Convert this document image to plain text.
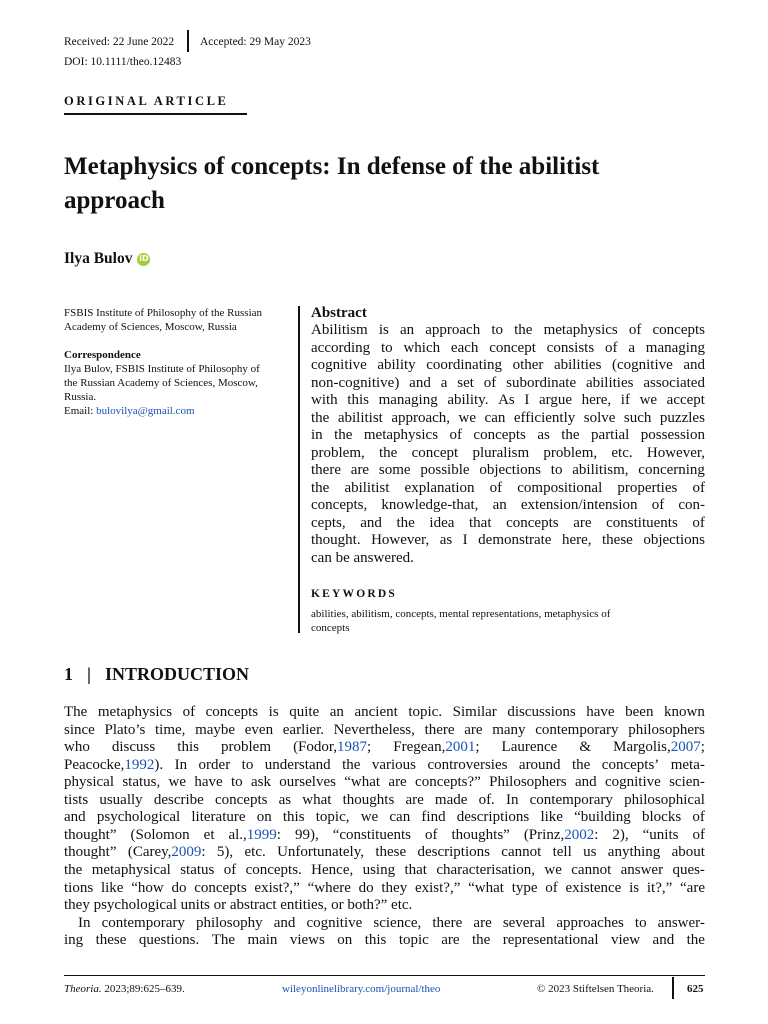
Received: 22 June 2022 Accepted: 29 May 2023
DOI: 10.1111/theo.12483
ORIGINAL ARTICLE
Metaphysics of concepts: In defense of the abilitist
approach
Ilya Bulov iD

FSBIS Institute of Philosophy of the Russian

Academy of Sciences, Moscow, Russia

Correspondence

Ilya Bulov, FSBIS Institute of Philosophy of

the Russian Academy of Sciences, Moscow,

Russia.

Email: bulovilya@gmail.com

Abstract
Abilitism is an approach to the metaphysics of concepts
according to which each concept consists of a managing
cognitive ability coordinating other abilities (cognitive and
non-cognitive) and a set of subordinate abilities associated
with this managing ability. As I argue here, if we accept
the abilitist approach, we can efficiently solve such puzzles
in the metaphysics of concepts as the partial possession
problem, the concept pluralism problem, etc. However,
there are some possible objections to abilitism, concerning
the abilitist explanation of compositional properties of
concepts, knowledge-that, an extension/intension of con-
cepts, and the idea that concepts are constituents of
thought. However, as I demonstrate here, these objections
can be answered.
KEYWORDS
abilities, abilitism, concepts, mental representations, metaphysics of
concepts
1 | INTRODUCTION
The metaphysics of concepts is quite an ancient topic. Similar discussions have been known
since Plato’s time, maybe even earlier. Nevertheless, there are many contemporary philosophers
who discuss this problem (Fodor,1987; Fregean,2001; Laurence & Margolis,2007;
Peacocke,1992). In order to understand the various controversies around the concepts’ meta-
physical status, we have to ask ourselves “what are concepts?” Philosophers and cognitive scien-
tists usually describe concepts as what thoughts are made of. In contemporary philosophical
and psychological literature on this topic, we can find descriptions like “building blocks of
thought” (Solomon et al.,1999: 99), “constituents of thoughts” (Prinz,2002: 2), “units of
thought” (Carey,2009: 5), etc. Unfortunately, these descriptions cannot tell us anything about
the metaphysical status of concepts. Hence, using that characterisation, we cannot answer ques-
tions like “how do concepts exist?,” “where do they exist?,” “what type of existence is it?,” “are
they psychological units or abstract entities, or both?” etc.
In contemporary philosophy and cognitive science, there are several approaches to answer-
ing these questions. The main views on this topic are the representational view and the
Theoria. 2023;89:625–639.	wileyonlinelibrary.com/journal/theo	© 2023 Stiftelsen Theoria.	625
